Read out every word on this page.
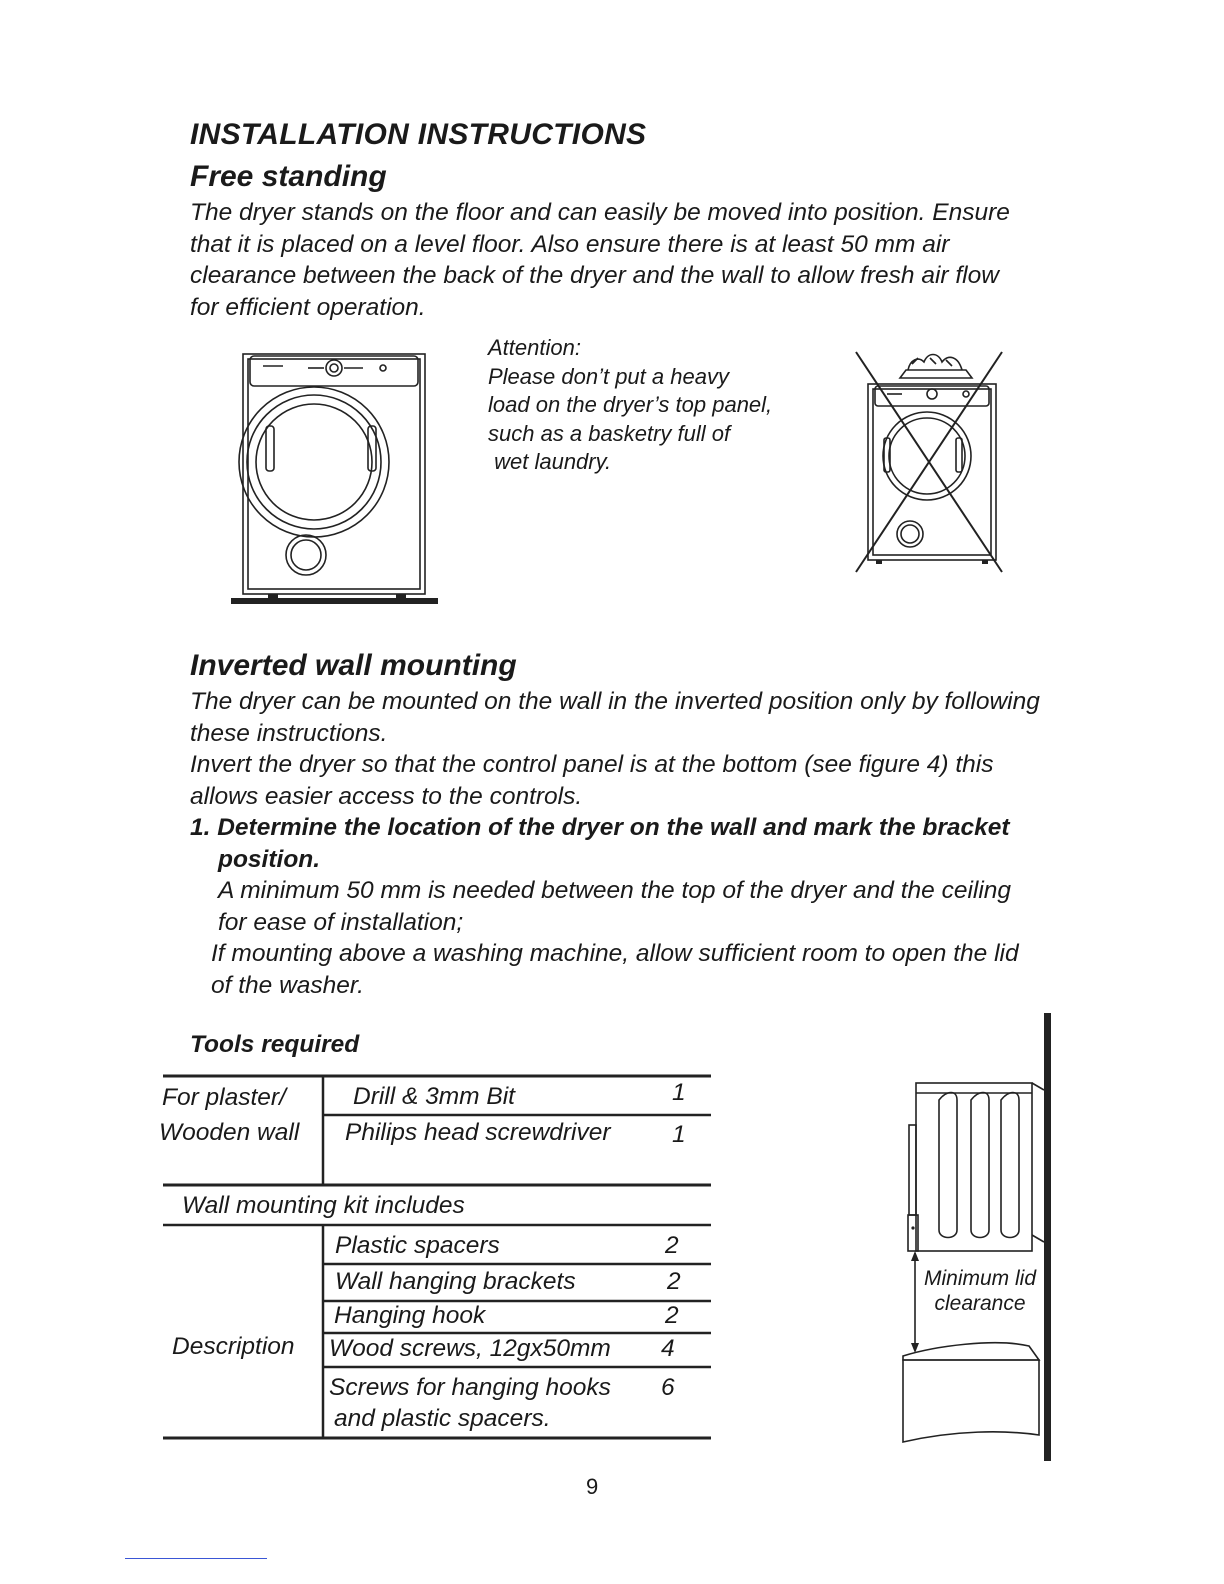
INSTALLATION INSTRUCTIONS
Free standing
The dryer stands on the floor and can easily be moved into position. Ensure
that it is placed on a level floor. Also ensure there is at least 50 mm air
clearance between the back of the dryer and the wall to allow fresh air flow
for efficient operation.
Attention:
Please don’t put a heavy
load on the dryer’s top panel,
such as a basketry full of
wet laundry.
Inverted wall mounting
The dryer can be mounted on the wall in the inverted position only by following
these instructions.
Invert the dryer so that the control panel is at the bottom (see figure 4) this
allows easier access to the controls.
1. Determine the location of the dryer on the wall and mark the bracket
position.
A minimum 50 mm is needed between the top of the dryer and the ceiling
for ease of installation;
If mounting above a washing machine, allow sufficient room to open the lid
of the washer.
Tools required
For plaster/
Wooden wall
Drill & 3mm Bit	1
Philips head screwdriver	1
Wall mounting kit includes
Description
Plastic spacers	2
Wall hanging brackets	2
Hanging hook	2
Wood screws, 12gx50mm 4
Screws for hanging hooks 6
and plastic spacers.
Minimum lid
clearance
9
